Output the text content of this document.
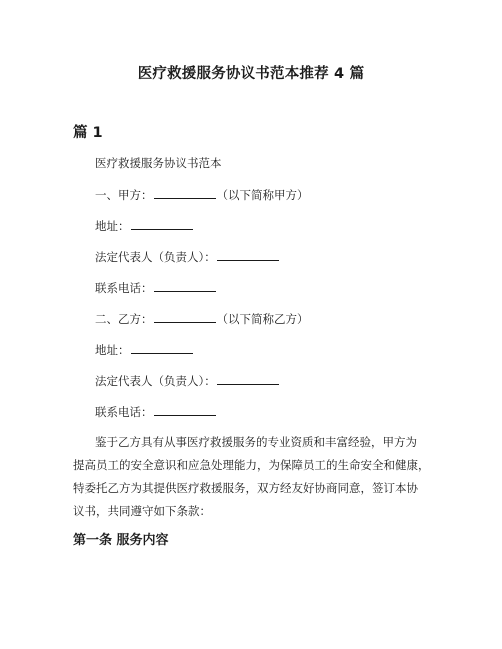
医疗救援服务协议书范本推荐 4 篇
篇 1
医疗救援服务协议书范本
一、甲方：	（以下简称甲方）
地址：
法定代表人（负责人）：
联系电话：
二、乙方：	（以下简称乙方）
地址：
法定代表人（负责人）：
联系电话：
鉴于乙方具有从事医疗救援服务的专业资质和丰富经验，甲方为
提高员工的安全意识和应急处理能力，为保障员工的生命安全和健康，
特委托乙方为其提供医疗救援服务，双方经友好协商同意，签订本协
议书，共同遵守如下条款：
第一条 服务内容
